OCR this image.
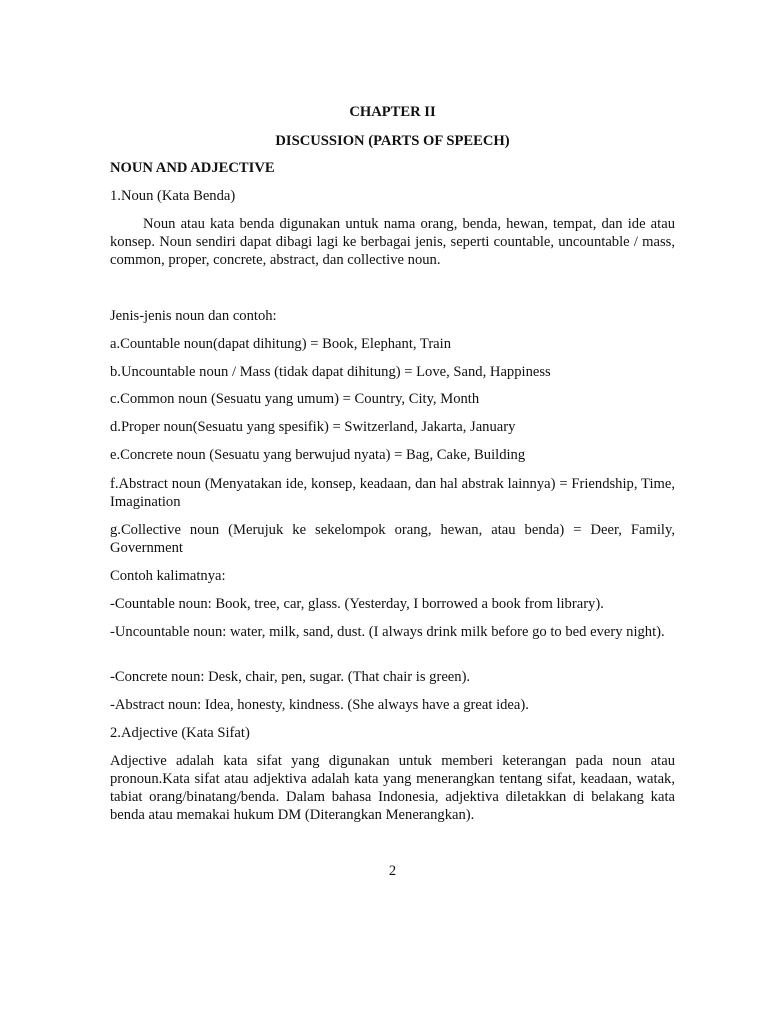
CHAPTER II
DISCUSSION (PARTS OF SPEECH)
NOUN AND ADJECTIVE
1.Noun (Kata Benda)
Noun atau kata benda digunakan untuk nama orang, benda, hewan, tempat, dan ide atau konsep. Noun sendiri dapat dibagi lagi ke berbagai jenis, seperti countable, uncountable / mass, common, proper, concrete, abstract, dan collective noun.
Jenis-jenis noun dan contoh:
a.Countable noun(dapat dihitung) = Book, Elephant, Train
b.Uncountable noun / Mass (tidak dapat dihitung) = Love, Sand, Happiness
c.Common noun (Sesuatu yang umum) = Country, City, Month
d.Proper noun(Sesuatu yang spesifik) = Switzerland, Jakarta, January
e.Concrete noun (Sesuatu yang berwujud nyata) = Bag, Cake, Building
f.Abstract noun (Menyatakan ide, konsep, keadaan, dan hal abstrak lainnya) = Friendship, Time, Imagination
g.Collective noun (Merujuk ke sekelompok orang, hewan, atau benda) = Deer, Family, Government
Contoh kalimatnya:
-Countable noun: Book, tree, car, glass. (Yesterday, I borrowed a book from library).
-Uncountable noun: water, milk, sand, dust. (I always drink milk before go to bed every night).
-Concrete noun: Desk, chair, pen, sugar. (That chair is green).
-Abstract noun: Idea, honesty, kindness. (She always have a great idea).
2.Adjective (Kata Sifat)
Adjective adalah kata sifat yang digunakan untuk memberi keterangan pada noun atau pronoun.Kata sifat atau adjektiva adalah kata yang menerangkan tentang sifat, keadaan, watak, tabiat orang/binatang/benda. Dalam bahasa Indonesia, adjektiva diletakkan di belakang kata benda atau memakai hukum DM (Diterangkan Menerangkan).
2
